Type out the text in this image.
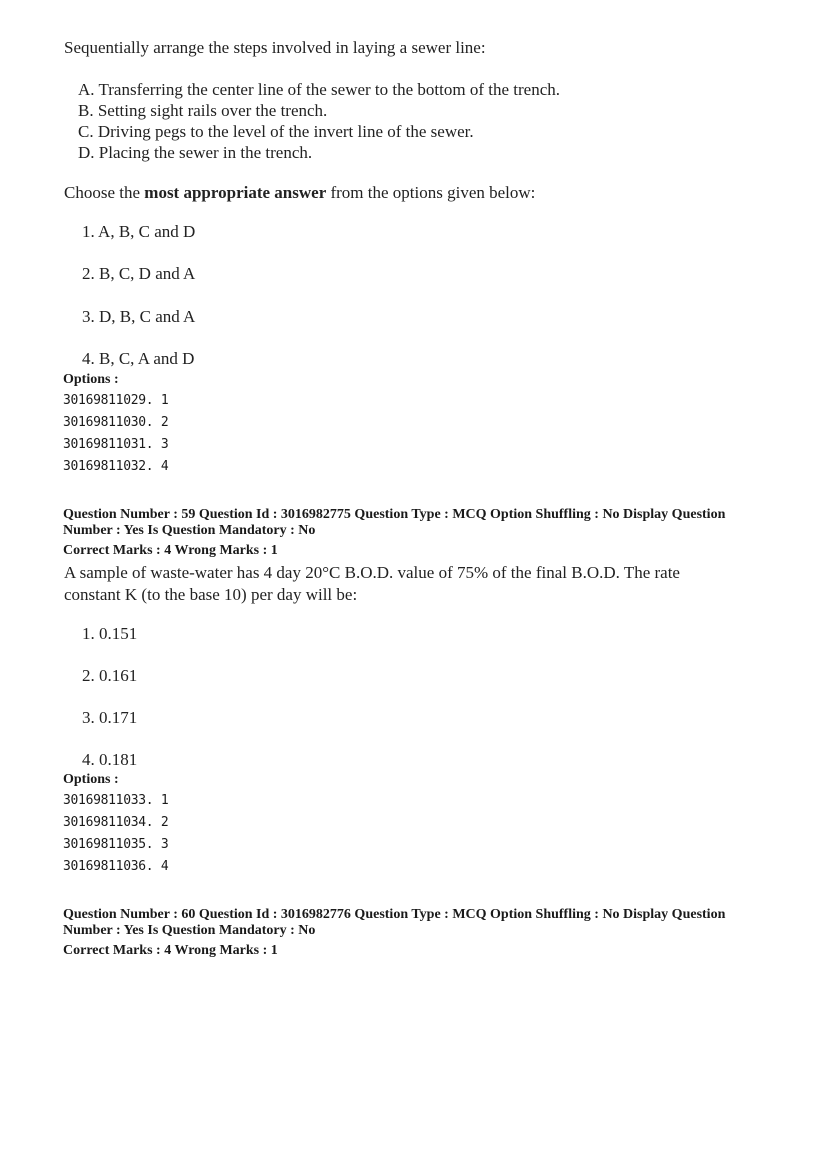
Sequentially arrange the steps involved in laying a sewer line:
A. Transferring the center line of the sewer to the bottom of the trench.
B. Setting sight rails over the trench.
C. Driving pegs to the level of the invert line of the sewer.
D. Placing the sewer in the trench.
Choose the most appropriate answer from the options given below:
1. A, B, C and D
2. B, C, D and A
3. D, B, C and A
4. B, C, A and D
Options :
30169811029. 1
30169811030. 2
30169811031. 3
30169811032. 4
Question Number : 59 Question Id : 3016982775 Question Type : MCQ Option Shuffling : No Display Question
Number : Yes Is Question Mandatory : No
Correct Marks : 4 Wrong Marks : 1
A sample of waste-water has 4 day 20°C B.O.D. value of 75% of the final B.O.D. The rate
constant K (to the base 10) per day will be:
1. 0.151
2. 0.161
3. 0.171
4. 0.181
Options :
30169811033. 1
30169811034. 2
30169811035. 3
30169811036. 4
Question Number : 60 Question Id : 3016982776 Question Type : MCQ Option Shuffling : No Display Question
Number : Yes Is Question Mandatory : No
Correct Marks : 4 Wrong Marks : 1
